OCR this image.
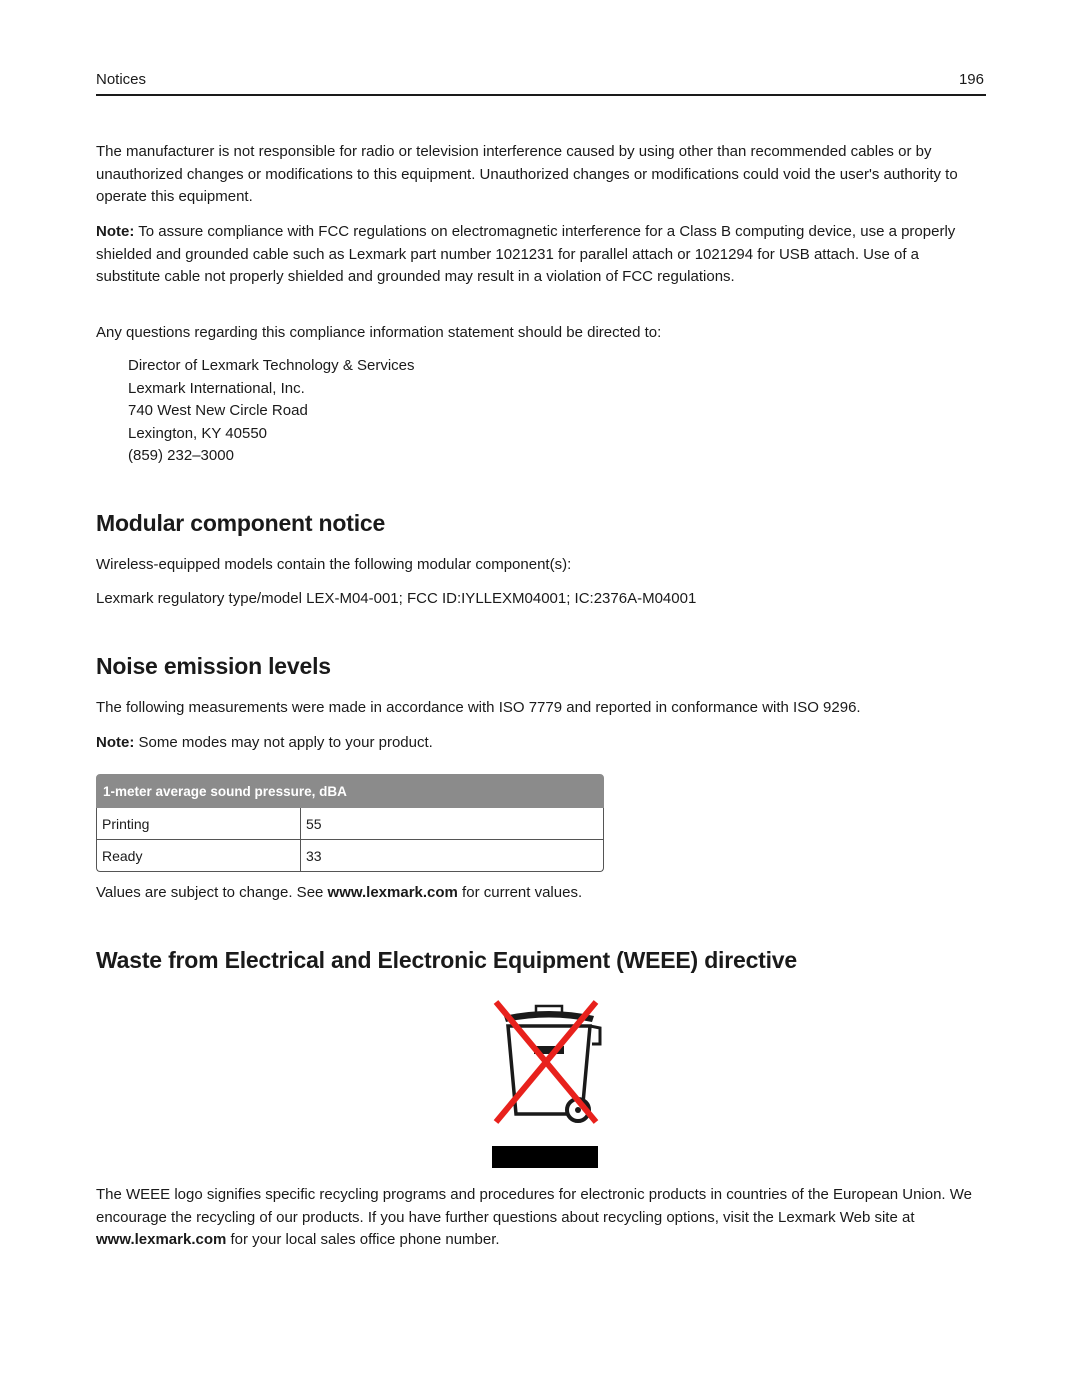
Notices	196

The manufacturer is not responsible for radio or television interference caused by using other than recommended cables or by unauthorized changes or modifications to this equipment. Unauthorized changes or modifications could void the user's authority to operate this equipment.

Note: To assure compliance with FCC regulations on electromagnetic interference for a Class B computing device, use a properly shielded and grounded cable such as Lexmark part number 1021231 for parallel attach or 1021294 for USB attach. Use of a substitute cable not properly shielded and grounded may result in a violation of FCC regulations.

Any questions regarding this compliance information statement should be directed to:

Director of Lexmark Technology & Services
Lexmark International, Inc.
740 West New Circle Road
Lexington, KY 40550
(859) 232–3000
Modular component notice

Wireless-equipped models contain the following modular component(s):

Lexmark regulatory type/model LEX-M04-001; FCC ID:IYLLEXM04001; IC:2376A-M04001

Noise emission levels

The following measurements were made in accordance with ISO 7779 and reported in conformance with ISO 9296.

Note: Some modes may not apply to your product.

1-meter average sound pressure, dBA	
Printing	55
Ready	33

Values are subject to change. See www.lexmark.com for current values.

Waste from Electrical and Electronic Equipment (WEEE) directive

The WEEE logo signifies specific recycling programs and procedures for electronic products in countries of the European Union. We encourage the recycling of our products. If you have further questions about recycling options, visit the Lexmark Web site at www.lexmark.com for your local sales office phone number.
